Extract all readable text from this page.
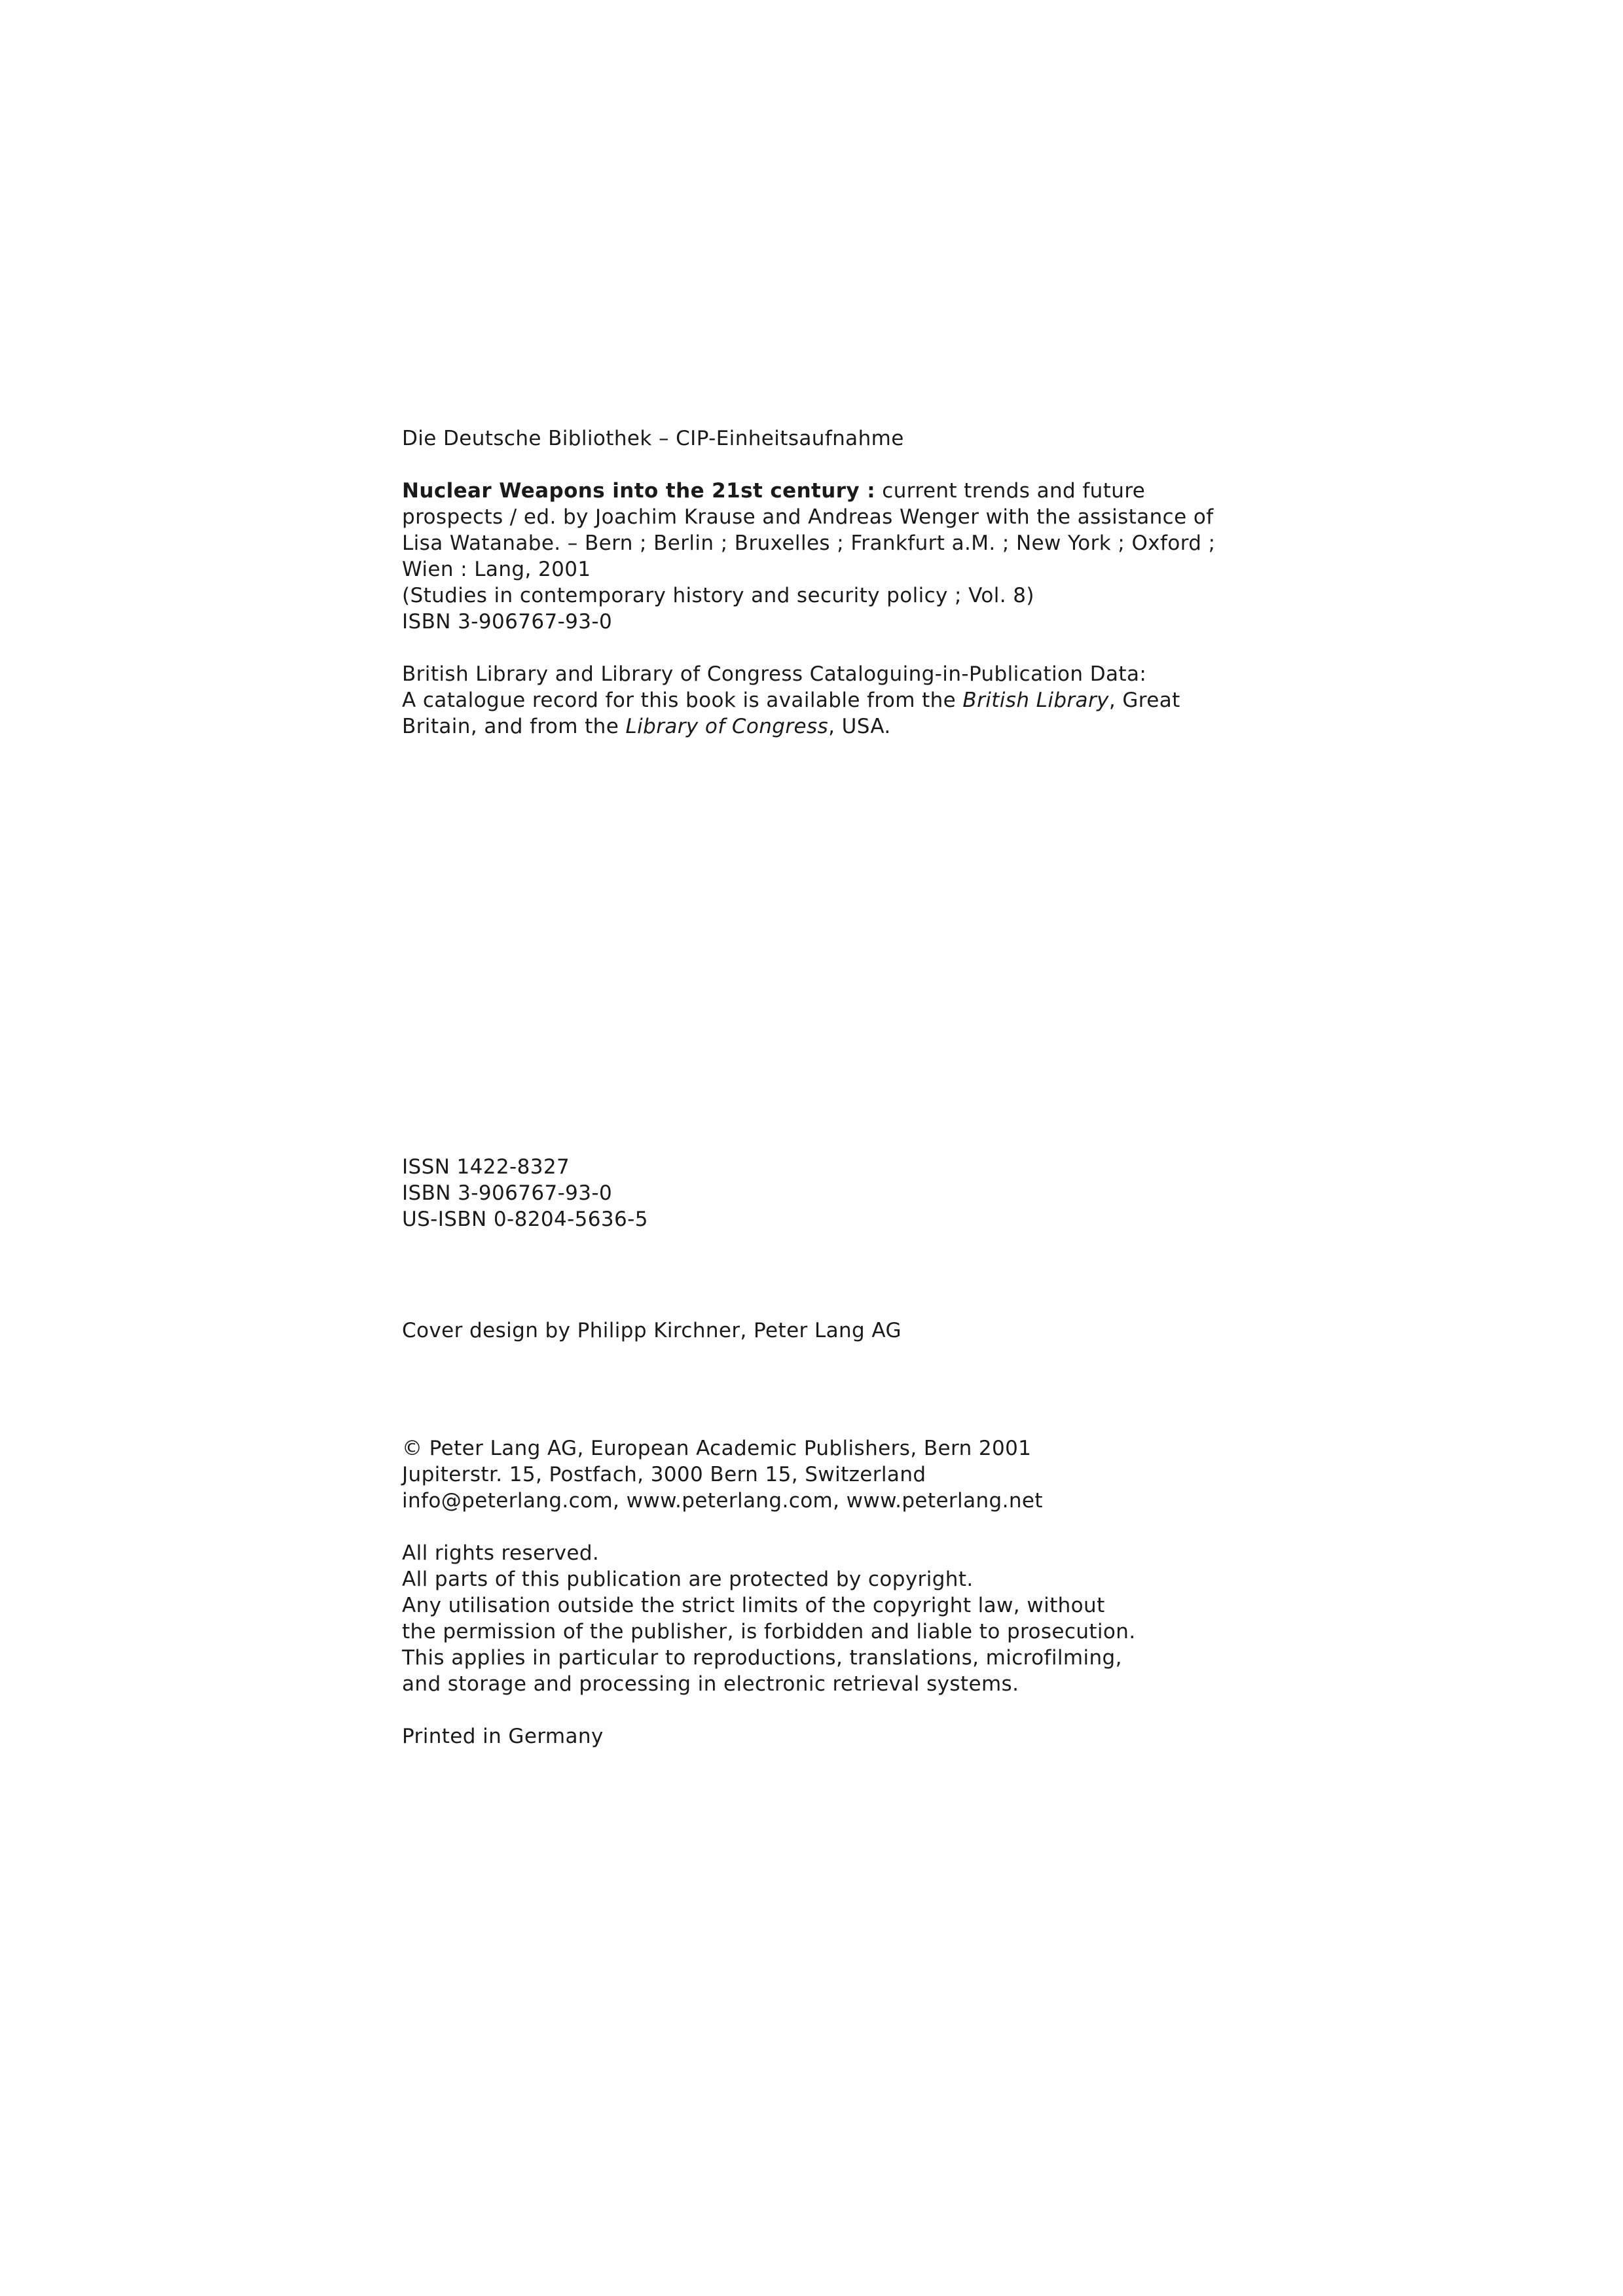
Die Deutsche Bibliothek – CIP-Einheitsaufnahme
Nuclear Weapons into the 21st century : current trends and future
prospects / ed. by Joachim Krause and Andreas Wenger with the assistance of
Lisa Watanabe. – Bern ; Berlin ; Bruxelles ; Frankfurt a.M. ; New York ; Oxford ;
Wien : Lang, 2001
(Studies in contemporary history and security policy ; Vol. 8)
ISBN 3-906767-93-0
British Library and Library of Congress Cataloguing-in-Publication Data:
A catalogue record for this book is available from the British Library, Great
Britain, and from the Library of Congress, USA.
ISSN 1422-8327
ISBN 3-906767-93-0
US-ISBN 0-8204-5636-5
Cover design by Philipp Kirchner, Peter Lang AG
© Peter Lang AG, European Academic Publishers, Bern 2001
Jupiterstr. 15, Postfach, 3000 Bern 15, Switzerland
info@peterlang.com, www.peterlang.com, www.peterlang.net
All rights reserved.
All parts of this publication are protected by copyright.
Any utilisation outside the strict limits of the copyright law, without
the permission of the publisher, is forbidden and liable to prosecution.
This applies in particular to reproductions, translations, microfilming,
and storage and processing in electronic retrieval systems.
Printed in Germany
